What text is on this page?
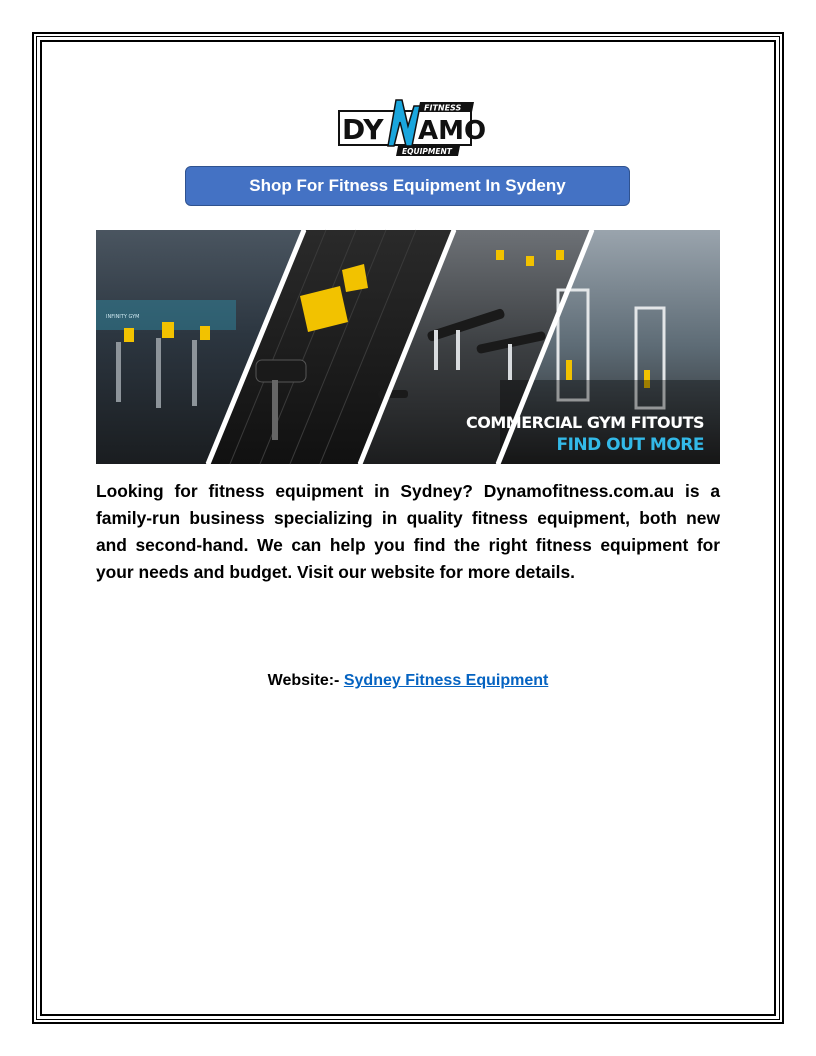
DY AMO
FITNESS
EQUIPMENT
Shop For Fitness Equipment In Sydeny
INFINITY GYM
COMMERCIAL GYM FITOUTS
FIND OUT MORE
Looking for fitness equipment in Sydney? Dynamofitness.com.au is a family-run business specializing in quality fitness equipment, both new and second-hand. We can help you find the right fitness equipment for your needs and budget. Visit our website for more details.
Website:- Sydney Fitness Equipment
